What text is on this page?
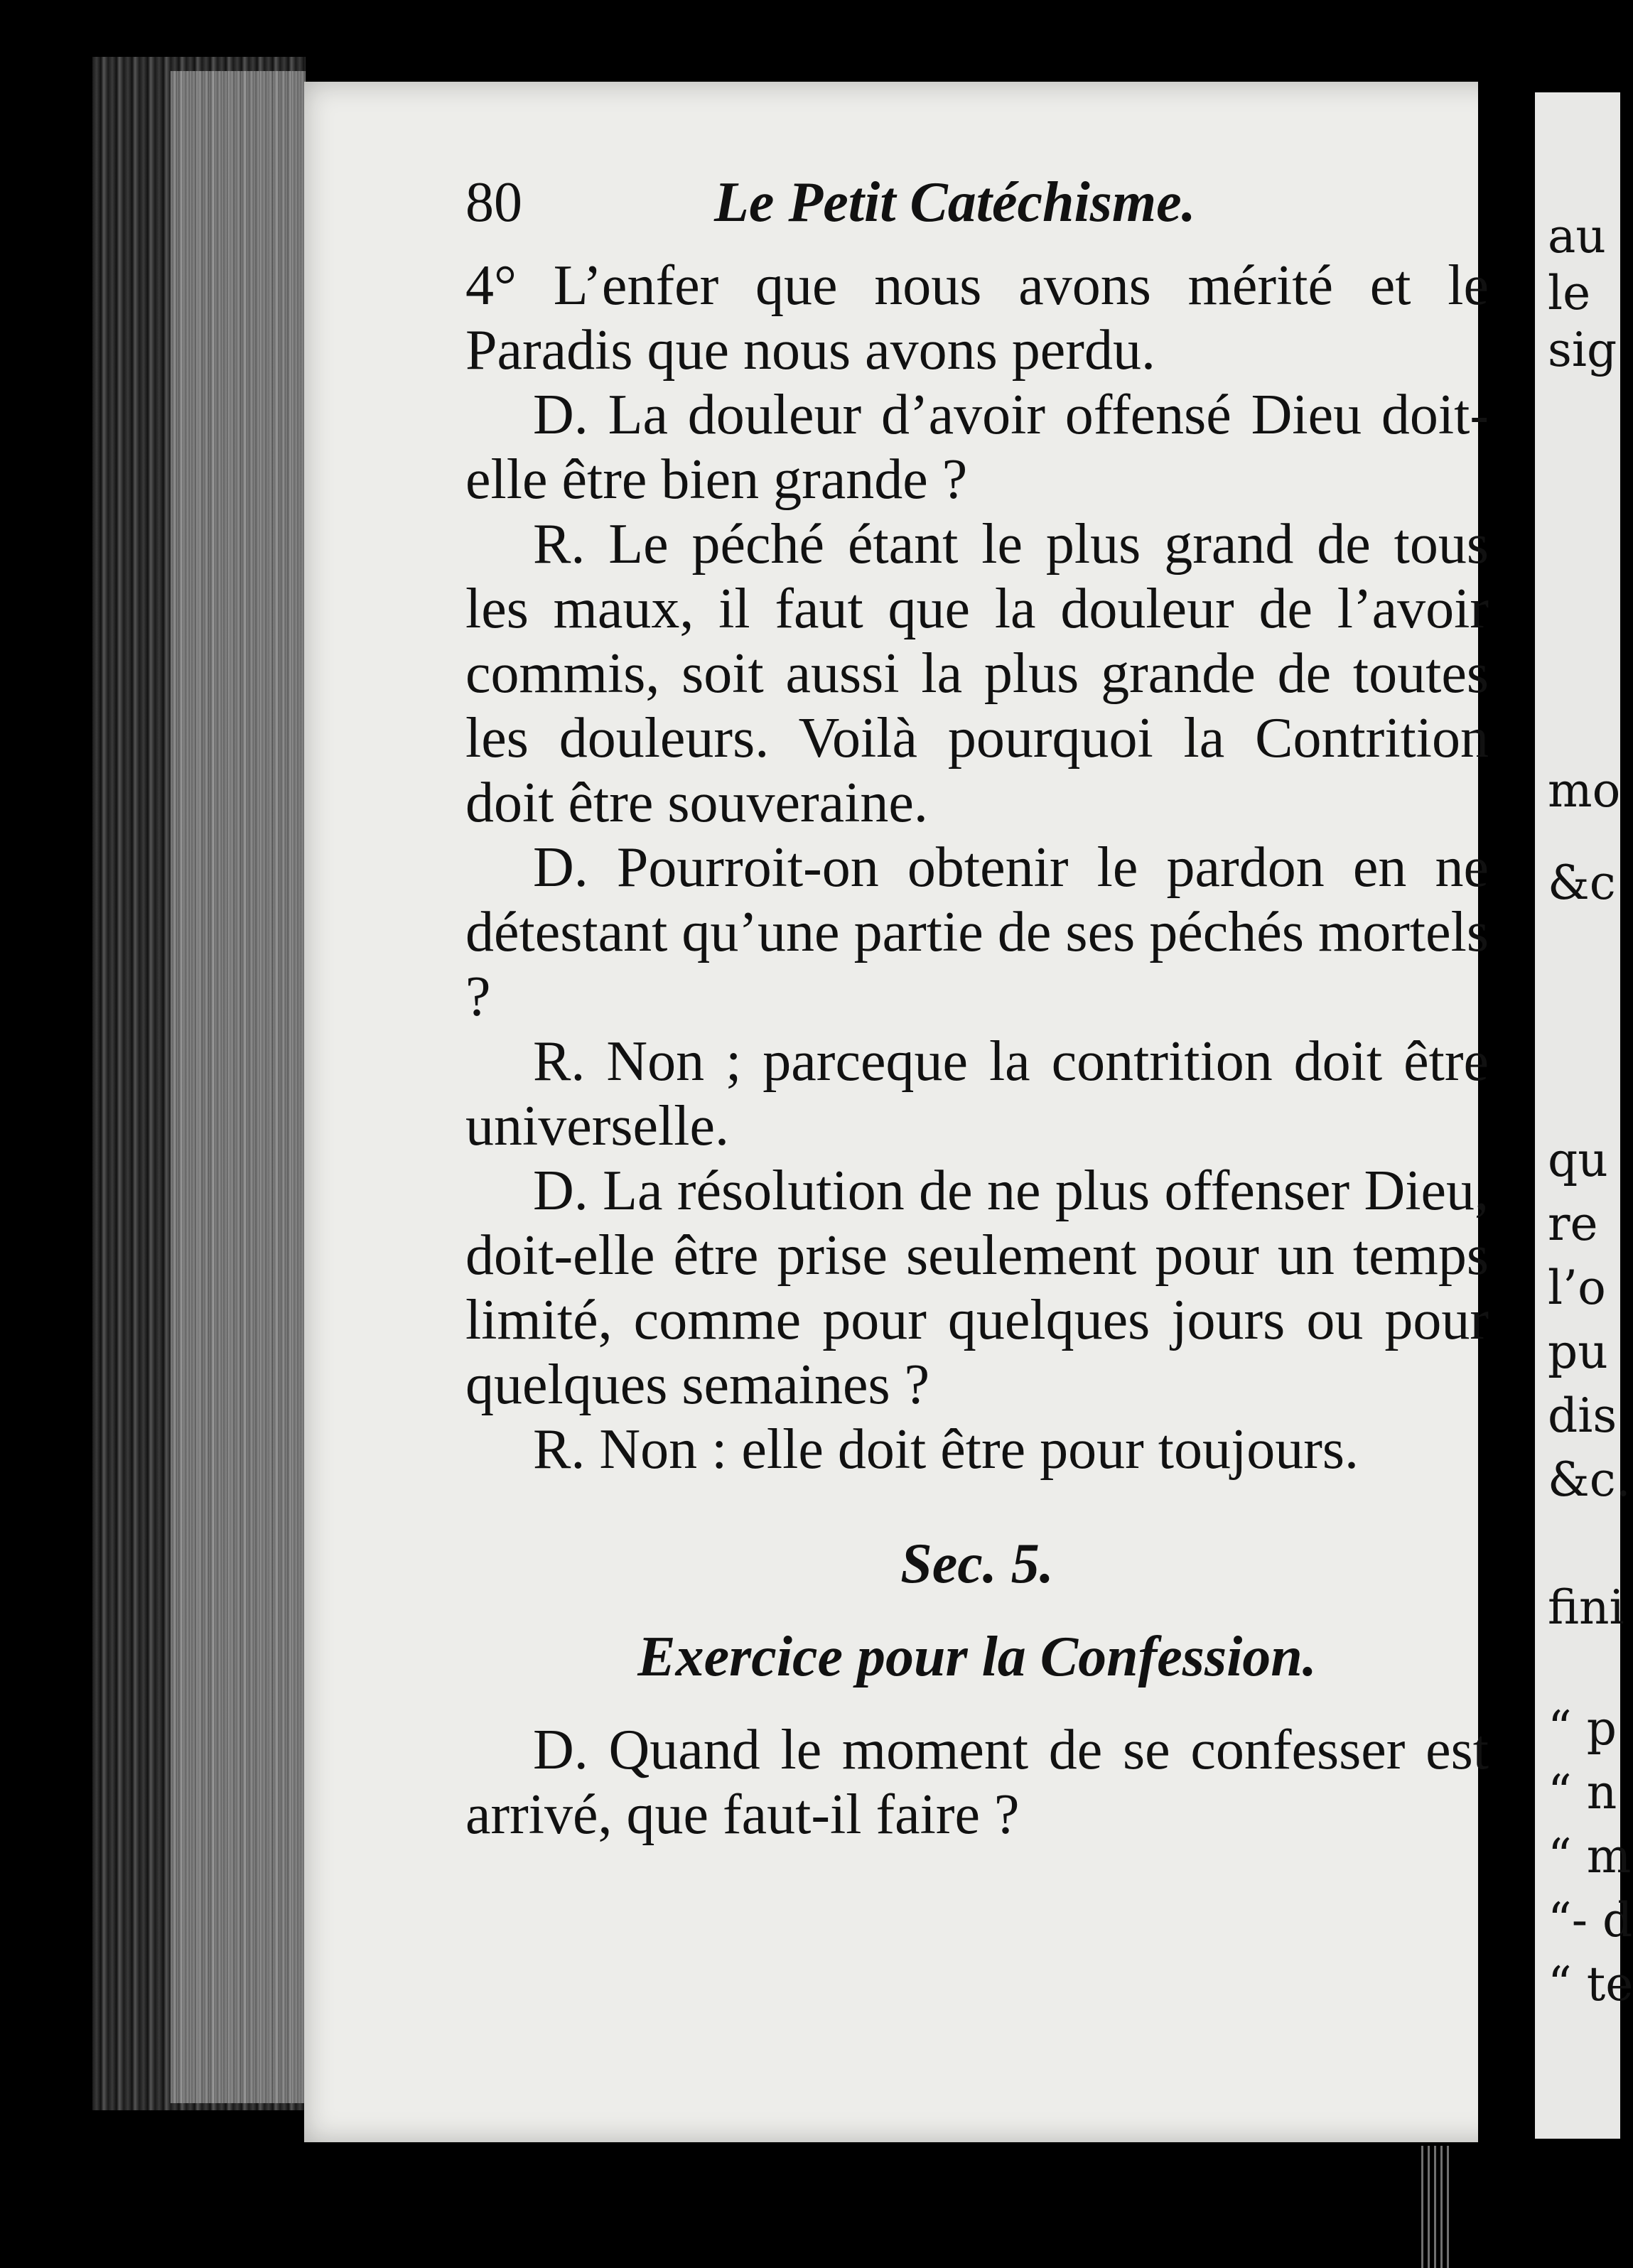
au
le
sig
mo
&c
qu
re
l’o
pu
dis
&c.
fini
“ p
“ n
“ m
“- d
“ te
80	Le Petit Catéchisme.

4° L’enfer que nous avons mérité et le Paradis que nous avons perdu.

D. La douleur d’avoir offensé Dieu doit-elle être bien grande ?

R. Le péché étant le plus grand de tous les maux, il faut que la douleur de l’avoir commis, soit aussi la plus grande de toutes les douleurs. Voilà pourquoi la Contrition doit être souveraine.

D. Pourroit-on obtenir le pardon en ne détestant qu’une partie de ses péchés mortels ?

R. Non ; parceque la contrition doit être universelle.

D. La résolution de ne plus offenser Dieu, doit-elle être prise seulement pour un temps limité, comme pour quelques jours ou pour quelques semaines ?

R. Non : elle doit être pour toujours.

Sec. 5.
Exercice pour la Confession.

D. Quand le moment de se confesser est arrivé, que faut-il faire ?
